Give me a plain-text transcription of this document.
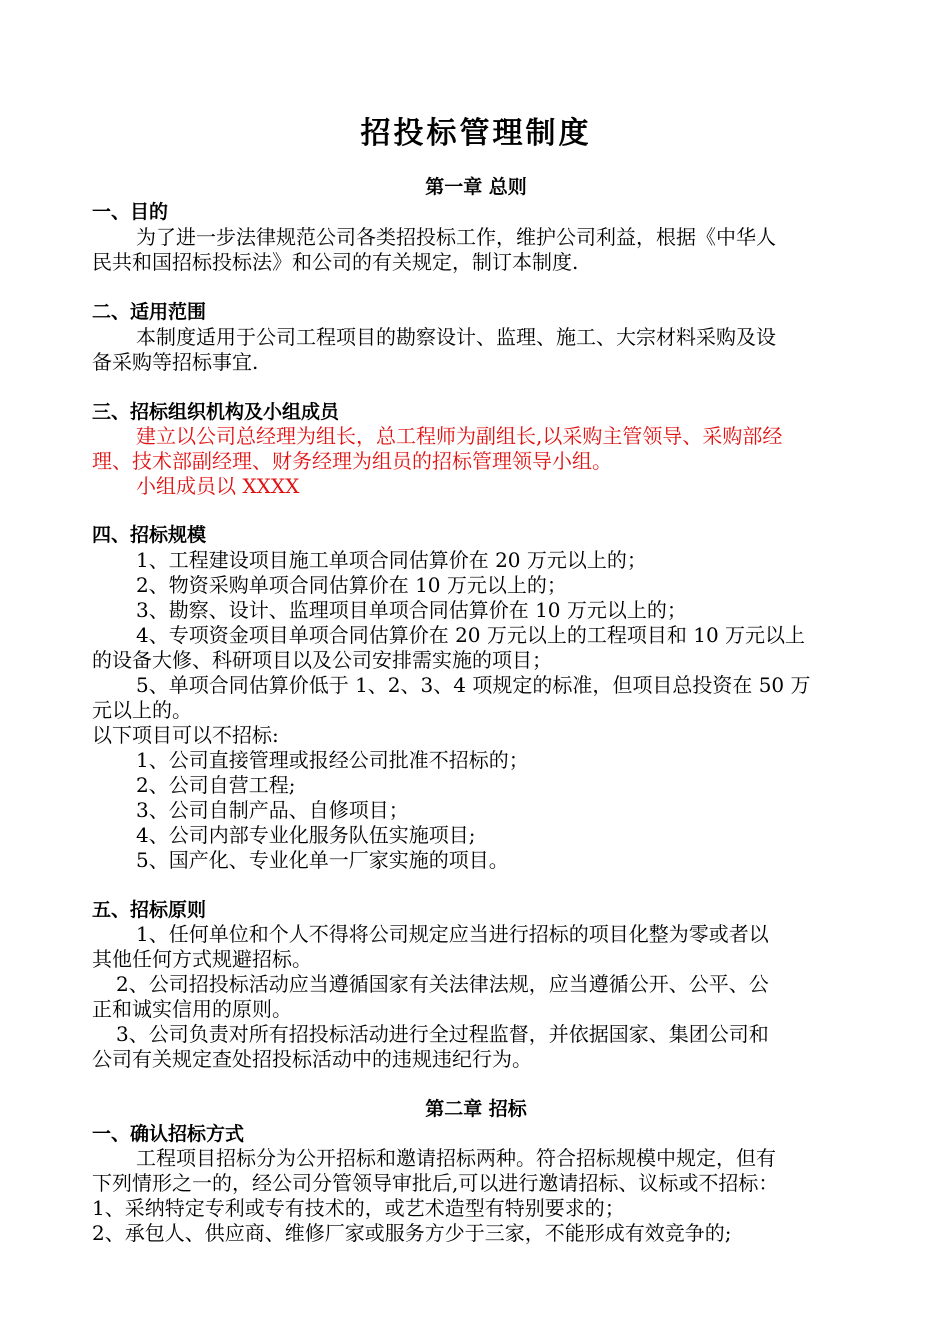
招投标管理制度
第一章 总则
一、目的
为了进一步法律规范公司各类招投标工作，维护公司利益，根据《中华人
民共和国招标投标法》和公司的有关规定，制订本制度.
二、适用范围
本制度适用于公司工程项目的勘察设计、监理、施工、大宗材料采购及设
备采购等招标事宜.
三、招标组织机构及小组成员
建立以公司总经理为组长，总工程师为副组长,以采购主管领导、采购部经
理、技术部副经理、财务经理为组员的招标管理领导小组。
小组成员以 XXXX
四、招标规模
1、工程建设项目施工单项合同估算价在 20 万元以上的；
2、物资采购单项合同估算价在 10 万元以上的；
3、勘察、设计、监理项目单项合同估算价在 10 万元以上的；
4、专项资金项目单项合同估算价在 20 万元以上的工程项目和 10 万元以上
的设备大修、科研项目以及公司安排需实施的项目；
5、单项合同估算价低于 1、2、3、4 项规定的标准，但项目总投资在 50 万
元以上的。
以下项目可以不招标:
1、公司直接管理或报经公司批准不招标的；
2、公司自营工程;
3、公司自制产品、自修项目；
4、公司内部专业化服务队伍实施项目;
5、国产化、专业化单一厂家实施的项目。
五、招标原则
1、任何单位和个人不得将公司规定应当进行招标的项目化整为零或者以
其他任何方式规避招标。
2、公司招投标活动应当遵循国家有关法律法规，应当遵循公开、公平、公
正和诚实信用的原则。
3、公司负责对所有招投标活动进行全过程监督，并依据国家、集团公司和
公司有关规定查处招投标活动中的违规违纪行为。
第二章 招标
一、确认招标方式
工程项目招标分为公开招标和邀请招标两种。符合招标规模中规定，但有
下列情形之一的，经公司分管领导审批后,可以进行邀请招标、议标或不招标：
1、采纳特定专利或专有技术的，或艺术造型有特别要求的；
2、承包人、供应商、维修厂家或服务方少于三家，不能形成有效竞争的;
